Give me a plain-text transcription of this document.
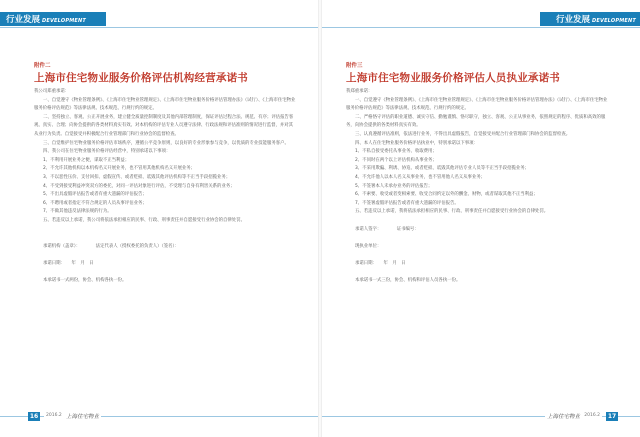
行业发展 DEVELOPMENT
附件二
上海市住宅物业服务价格评估机构经营承诺书

我公司郑重承诺：

一、自觉遵守《物业管理条例》、《上海市住宅物业管理规定》、《上海市住宅物业服务价格评估管理办法》（试行）、《上海市住宅物业服务价格评估规范》等法律法规、技术规范、行规行约的规定。

二、坚持独立、客观、公正开展业务，建立健全质量控制制度及其他内部管理制度，保证评估过程合法、规范、有序；评估报告客观、真实、合理；向协会提供的各类材料真实有效。对本机构的评估专业人员遵守法律、行政法规和评估准则的情况进行监督，并对其从业行为负责。自觉接受并积极配合行业管理部门和行业协会的监督检查。

三、自觉维护住宅物业服务价格评估市场秩序，遵循公平竞争原则，以良好的专业形象参与竞争，以优质的专业技能服务客户。

四、我公司在住宅物业服务价格评估经营中，特别承诺以下事项：

1、不利用开展业务之便，谋取不正当利益；

2、不允许其他机构以本机构名义开展业务，也不冒用其他机构名义开展业务；

3、不以恶性压价、支付回扣、虚假宣传、或者贬损、诋毁其他评估机构等不正当手段招揽业务；

4、不受到接受利益冲突双方的委托，对同一评估对象进行评估，不受理与自身有利害关系的业务；

5、不出具虚假评估报告或者有重大遗漏的评估报告；

6、不聘用或者指定不符合规定的人员从事评估业务；

7、不做其他违反法律法规的行为。

五、若违反以上承诺，我公司将依法承担相应的民事、行政、刑事责任并自愿接受行业协会的自律处罚。

承诺机构（盖章）：　　　　法定代表人（授权委托的负责人）（签名）：

承诺日期：　　年　月　日

本承诺书一式两份，协会、机构各执一份。

16	2016.2 上海住宅物业
行业发展 DEVELOPMENT
附件三
上海市住宅物业服务价格评估人员执业承诺书

我郑重承诺：

一、自觉遵守《物业管理条例》、《上海市住宅物业管理规定》、《上海市住宅物业服务价格评估管理办法》（试行）、《上海市住宅物业服务价格评估规范》等法律法规、技术规范、行规行约的规定。

二、严格恪守评估的职业道德、诚实守信、勤勉谨慎、恪尽职守，独立、客观、公正从事业务，依照规定的程序、优质和高效的服务，向协会提供的各类材料真实有效。

三、认真遵循评估准则，依法进行业务，不得出具虚假报告，自觉接受并配合行业管理部门和协会的监督检查。

四、本人在住宅物业服务价格评估执业中，特别承诺以下事项：

1、不私自接受委托从事业务、收取费用；

2、不同时在两个以上评估机构从事业务；

3、不采用欺骗、利诱、协迫、或者贬损、诋毁其他评估专业人员等不正当手段招揽业务；

4、不允许他人以本人名义从事业务，也不冒用他人名义从事业务；

5、不签署本人未承办业务的评估报告；

6、不索要、收受或者变相索要、收受合同约定以外的酬金、财物，或者谋取其他不正当利益；

7、不签署虚假评估报告或者有重大遗漏的评估报告。

五、若违反以上承诺，我将依法承担相应的民事、行政、刑事责任并自愿接受行业协会的自律处罚。

承诺人签字：　　　　证书编号：

现执业单位：

承诺日期：　　年　月　日

本承诺书一式三份，协会、机构和评估人员各执一份。

上海住宅物业 2016.2	17
